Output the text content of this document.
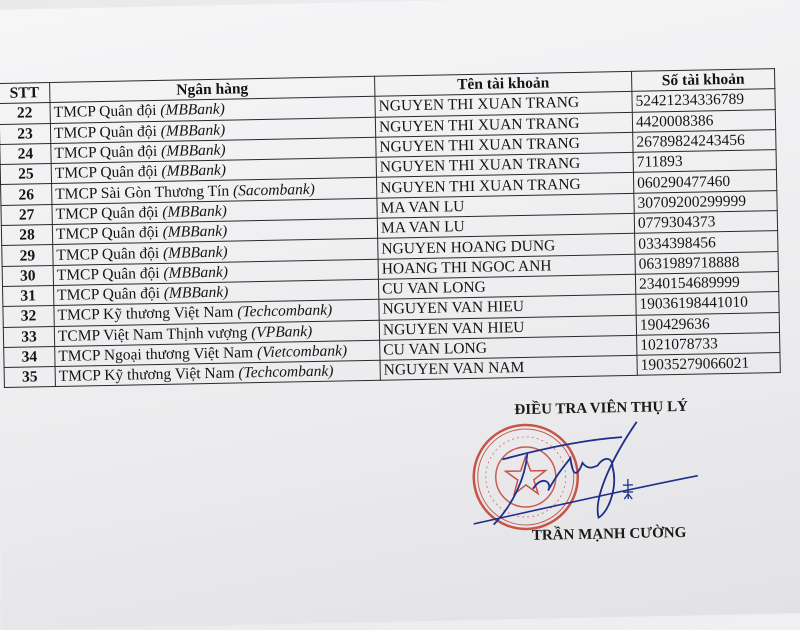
STT	Ngân hàng	Tên tài khoản	Số tài khoản
22	TMCP Quân đội (MBBank)	NGUYEN THI XUAN TRANG	52421234336789
23	TMCP Quân đội (MBBank)	NGUYEN THI XUAN TRANG	4420008386
24	TMCP Quân đội (MBBank)	NGUYEN THI XUAN TRANG	26789824243456
25	TMCP Quân đội (MBBank)	NGUYEN THI XUAN TRANG	711893
26	TMCP Sài Gòn Thương Tín (Sacombank)	NGUYEN THI XUAN TRANG	060290477460
27	TMCP Quân đội (MBBank)	MA VAN LU	30709200299999
28	TMCP Quân đội (MBBank)	MA VAN LU	0779304373
29	TMCP Quân đội (MBBank)	NGUYEN HOANG DUNG	0334398456
30	TMCP Quân đội (MBBank)	HOANG THI NGOC ANH	0631989718888
31	TMCP Quân đội (MBBank)	CU VAN LONG	2340154689999
32	TMCP Kỹ thương Việt Nam (Techcombank)	NGUYEN VAN HIEU	19036198441010
33	TCMP Việt Nam Thịnh vượng (VPBank)	NGUYEN VAN HIEU	190429636
34	TMCP Ngoại thương Việt Nam (Vietcombank)	CU VAN LONG	1021078733
35	TMCP Kỹ thương Việt Nam (Techcombank)	NGUYEN VAN NAM	19035279066021
ĐIỀU TRA VIÊN THỤ LÝ
TRẦN MẠNH CƯỜNG
